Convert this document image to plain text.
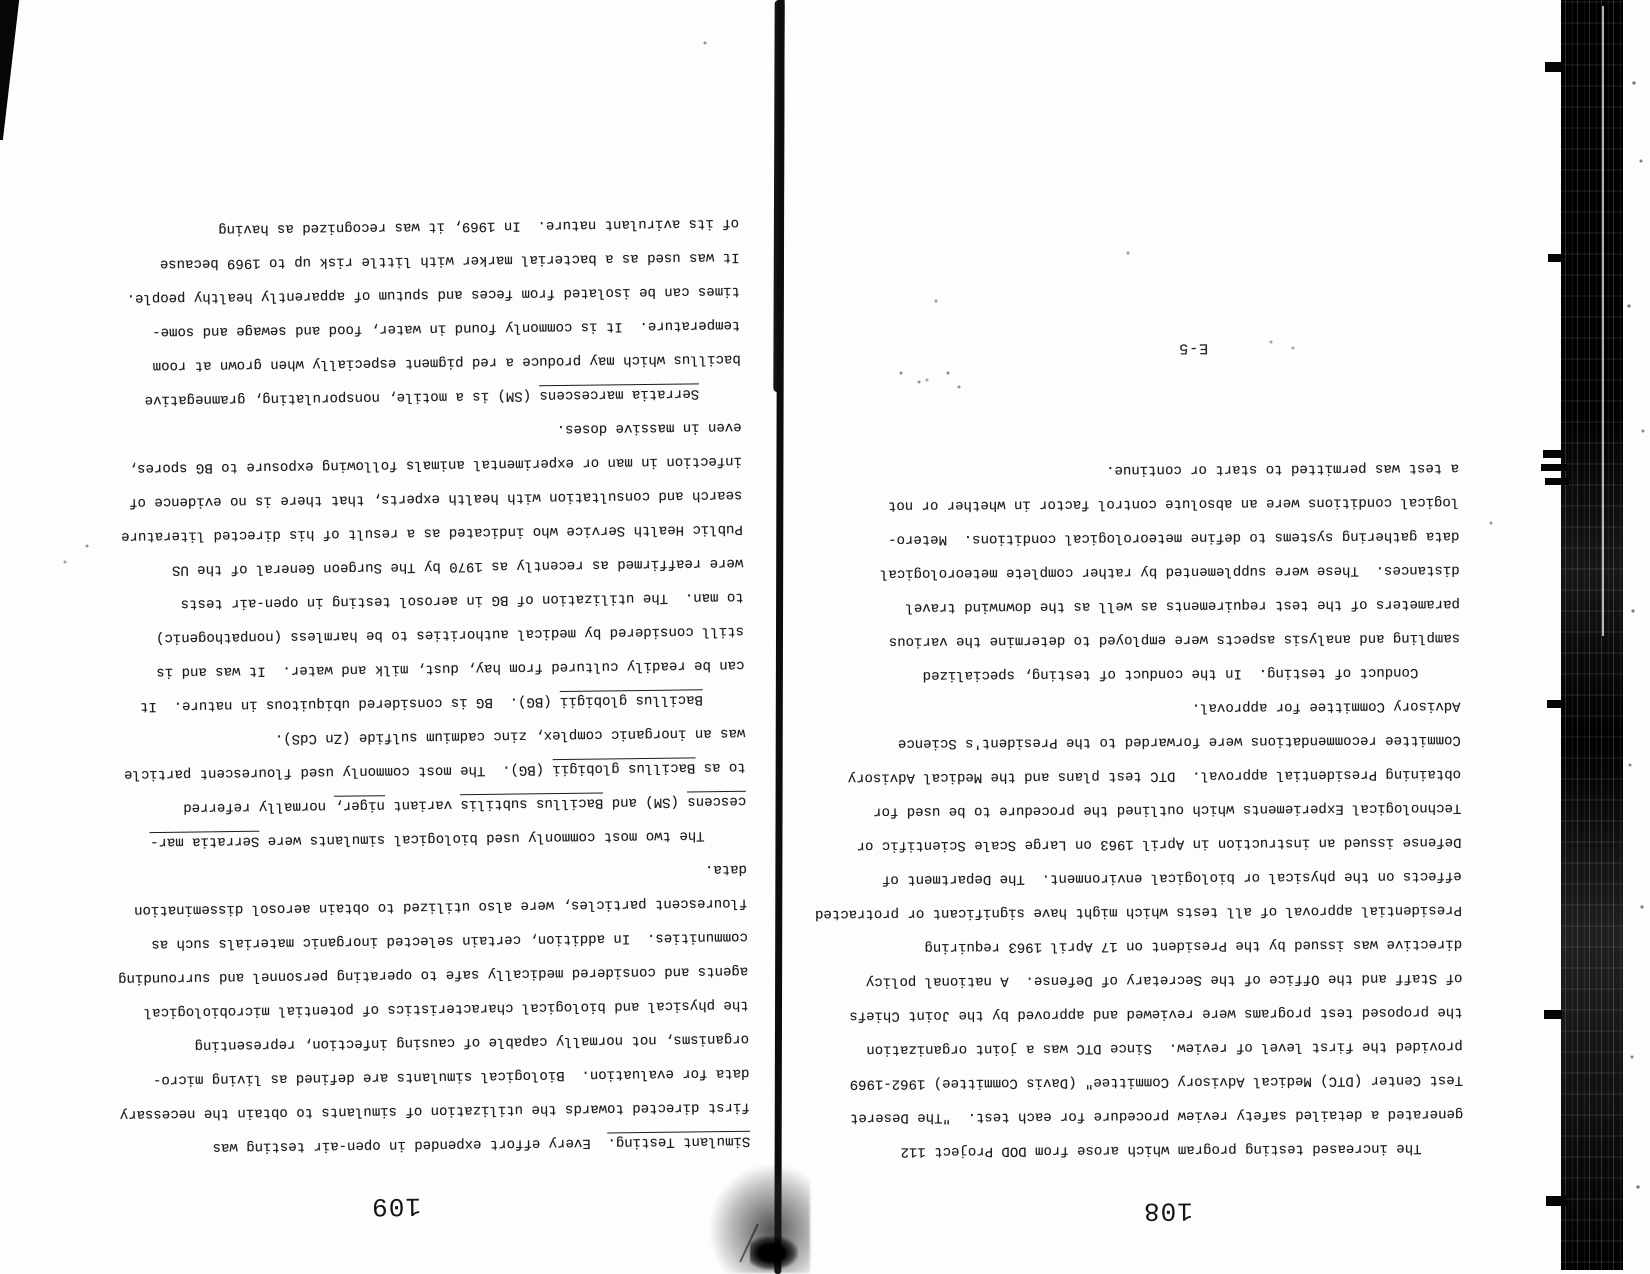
109
Simulant Testing.  Every effort expended in open-air testing was
first directed towards the utilization of simulants to obtain the necessary
data for evaluation.  Biological simulants are defined as living micro-
organisms, not normally capable of causing infection, representing
the physical and biological characteristics of potential microbiological
agents and considered medically safe to operating personnel and surrounding
communities.  In addition, certain selected inorganic materials such as
flourescent particles, were also utilized to obtain aerosol dissemination
data.
The two most commonly used biological simulants were Serratia mar-
cescens (SM) and Bacillus subtilis variant niger, normally referred
to as Bacillus globigii (BG).  The most commonly used flourescent particle
was an inorganic complex, zinc cadmium sulfide (Zn CdS).
Bacillus globigii (BG).  BG is considered ubiquitous in nature.  It
can be readily cultured from hay, dust, milk and water.  It was and is
still considered by medical authorities to be harmless (nonpathogenic)
to man.  The utilization of BG in aerosol testing in open-air tests
were reaffirmed as recently as 1970 by The Surgeon General of the US
Public Health Service who indicated as a result of his directed literature
search and consultation with health experts, that there is no evidence of
infection in man or experimental animals following exposure to BG spores,
even in massive doses.
Serratia marcescens (SM) is a motile, nonsporulating, gramnegative
bacillus which may produce a red pigment especially when grown at room
temperature.  It is commonly found in water, food and sewage and some-
times can be isolated from feces and sputum of apparently healthy people.
It was used as a bacterial marker with little risk up to 1969 because
of its avirulant nature.  In 1969, it was recognized as having
108
The increased testing program which arose from DOD Project 112
generated a detailed safety review procedure for each test.  "The Deseret
Test Center (DTC) Medical Advisory Committee" (Davis Committee) 1962-1969
provided the first level of review.  Since DTC was a joint organization
the proposed test programs were reviewed and approved by the Joint Chiefs
of Staff and the Office of the Secretary of Defense.  A national policy
directive was issued by the President on 17 April 1963 requiring
Presidential approval of all tests which might have significant or protracted
effects on the physical or biological environment.  The Department of
Defense issued an instruction in April 1963 on Large Scale Scientific or
Technological Experiements which outlined the procedure to be used for
obtaining Presidential approval.  DTC test plans and the Medical Advisory
Committee recommendations were forwarded to the President's Science
Advisory Committee for approval.
Conduct of testing.  In the conduct of testing, specialized
sampling and analysis aspects were employed to determine the various
parameters of the test requirements as well as the downwind travel
distances.  These were supplemented by rather complete meteorological
data gathering systems to define meteorological conditions.  Metero-
logical conditions were an absolute control factor in whether or not
a test was permitted to start or continue.
E-5
